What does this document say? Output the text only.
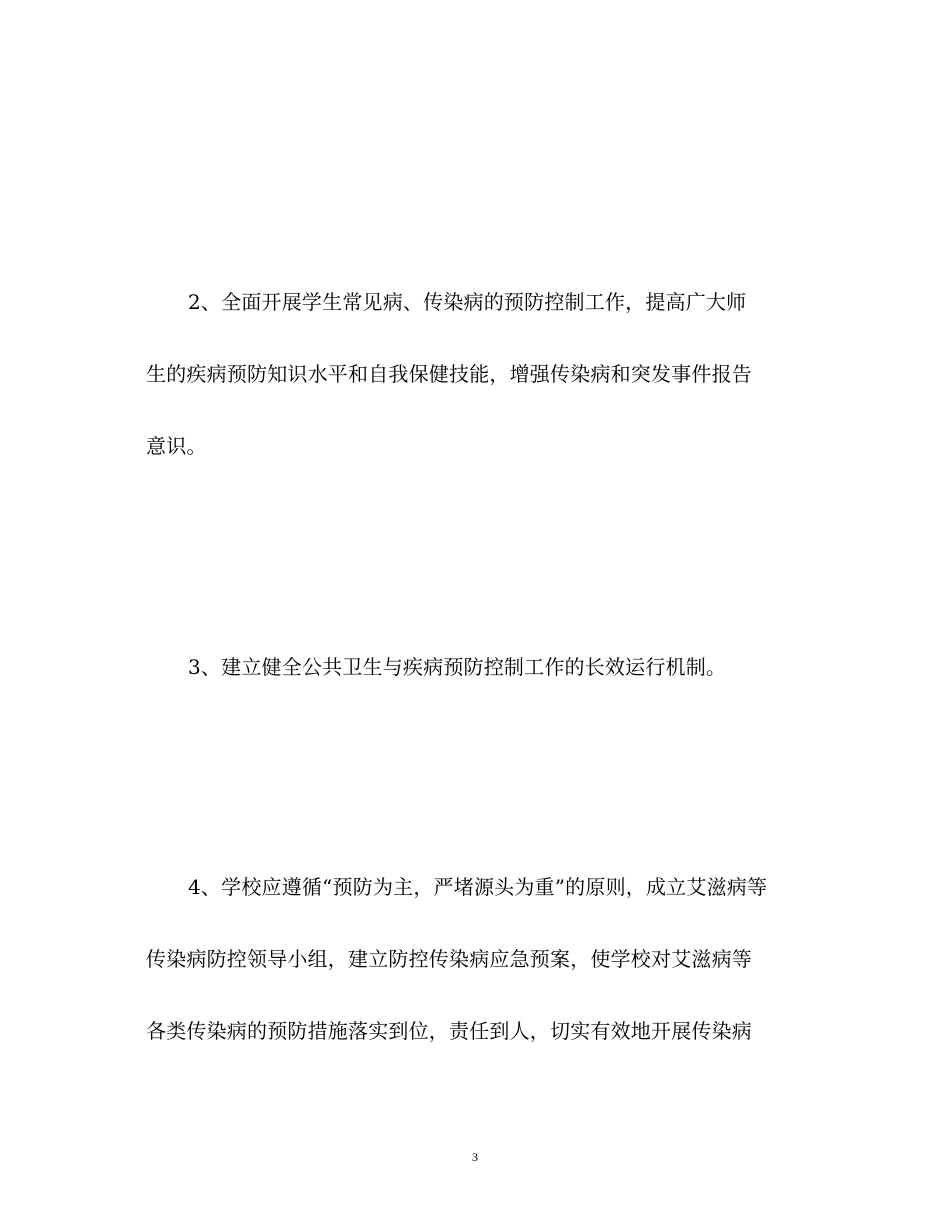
2、全面开展学生常见病、传染病的预防控制工作，提高广大师
生的疾病预防知识水平和自我保健技能，增强传染病和突发事件报告
意识。
3、建立健全公共卫生与疾病预防控制工作的长效运行机制。
4、学校应遵循“预防为主，严堵源头为重”的原则，成立艾滋病等
传染病防控领导小组，建立防控传染病应急预案，使学校对艾滋病等
各类传染病的预防措施落实到位，责任到人，切实有效地开展传染病
3
